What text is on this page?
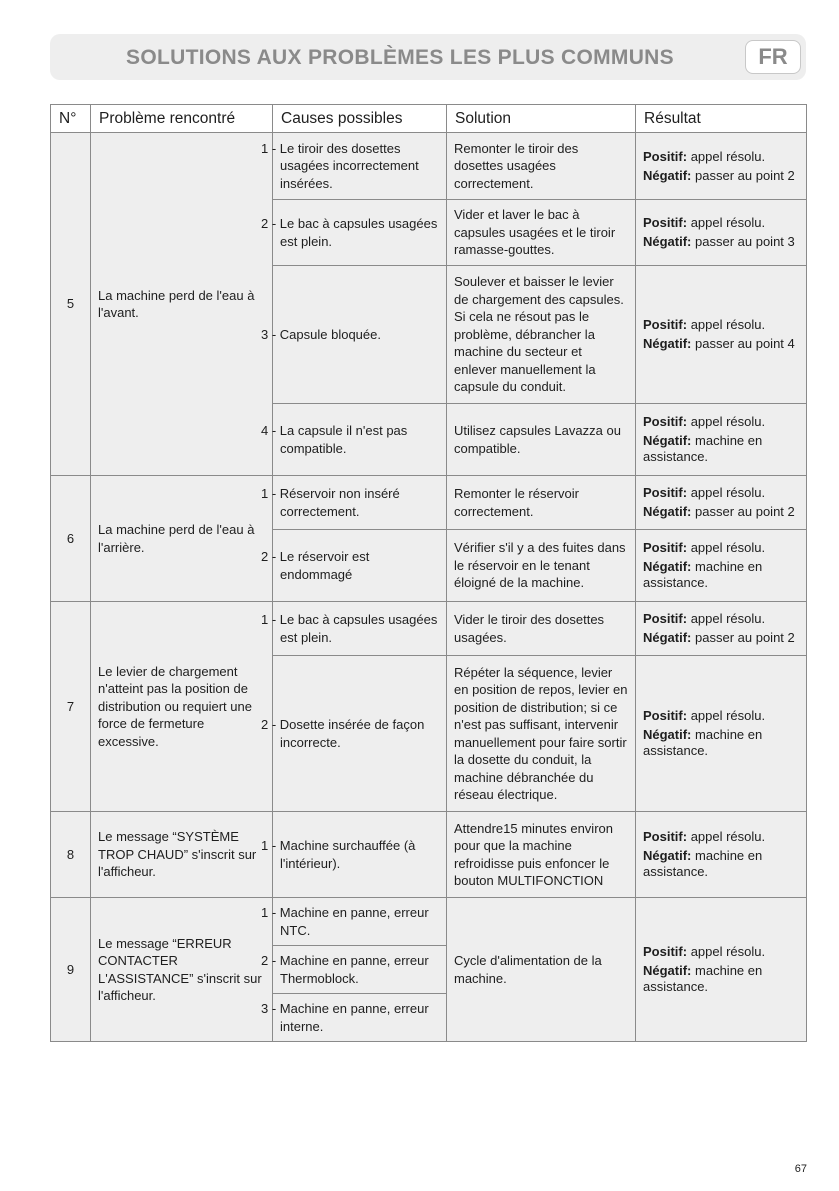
SOLUTIONS AUX PROBLÈMES LES PLUS COMMUNS	FR
N°	Problème rencontré	Causes possibles	Solution	Résultat
5	La machine perd de l'eau à l'avant.	1 - Le tiroir des dosettes usagées incorrectement insérées.	Remonter le tiroir des dosettes usagées correctement.	Positif: appel résolu.
Négatif: passer au point 2

		2 - Le bac à capsules usagées est plein.	Vider et laver le bac à capsules usagées et le tiroir ramasse-gouttes.	Positif: appel résolu.
Négatif: passer au point 3

		3 - Capsule bloquée.	Soulever et baisser le levier de chargement des capsules. Si cela ne résout pas le problème, débrancher la machine du secteur et enlever manuellement la capsule du conduit.	Positif: appel résolu.
Négatif: passer au point 4

		4 - La capsule il n'est pas compatible.	Utilisez capsules Lavazza ou compatible.	Positif: appel résolu.
Négatif: machine en assistance.

6	La machine perd de l'eau à l'arrière.	1 - Réservoir non inséré correctement.	Remonter le réservoir correctement.	Positif: appel résolu.
Négatif: passer au point 2

		2 - Le réservoir est endommagé	Vérifier s'il y a des fuites dans le réservoir en le tenant éloigné de la machine.	Positif: appel résolu.
Négatif: machine en assistance.

7	Le levier de chargement n'atteint pas la position de distribution ou requiert une force de fermeture excessive.	1 - Le bac à capsules usagées est plein.	Vider le tiroir des dosettes usagées.	Positif: appel résolu.
Négatif: passer au point 2

		2 - Dosette insérée de façon incorrecte.	Répéter la séquence, levier en position de repos, levier en position de distribution; si ce n'est pas suffisant, intervenir manuellement pour faire sortir la dosette du conduit, la machine débranchée du réseau électrique.	Positif: appel résolu.
Négatif: machine en assistance.

8	Le message “SYSTÈME TROP CHAUD” s'inscrit sur l'afficheur.	1 - Machine surchauffée (à l'intérieur).	Attendre15 minutes environ pour que la machine refroidisse puis enfoncer le bouton MULTIFONCTION	Positif: appel résolu.
Négatif: machine en assistance.

9	Le message “ERREUR CONTACTER L'ASSISTANCE” s'inscrit sur l'afficheur.	1 - Machine en panne, erreur NTC.	Cycle d'alimentation de la machine.	Positif: appel résolu.
Négatif: machine en assistance.

		2 - Machine en panne, erreur Thermoblock.		
		3 - Machine en panne, erreur interne.		
67
